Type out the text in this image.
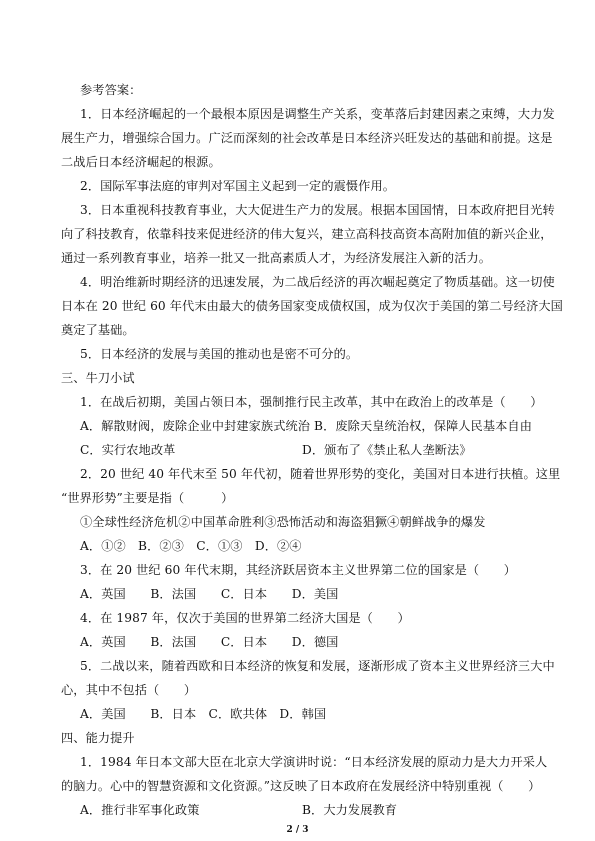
参考答案：
1．日本经济崛起的一个最根本原因是调整生产关系，变革落后封建因素之束缚，大力发
展生产力，增强综合国力。广泛而深刻的社会改革是日本经济兴旺发达的基础和前提。这是
二战后日本经济崛起的根源。
2．国际军事法庭的审判对军国主义起到一定的震慑作用。
3．日本重视科技教育事业，大大促进生产力的发展。根据本国国情，日本政府把目光转
向了科技教育，依靠科技来促进经济的伟大复兴，建立高科技高资本高附加值的新兴企业，
通过一系列教育事业，培养一批又一批高素质人才，为经济发展注入新的活力。
4．明治维新时期经济的迅速发展，为二战后经济的再次崛起奠定了物质基础。这一切使
日本在 20 世纪 60 年代末由最大的债务国家变成债权国，成为仅次于美国的第二号经济大国
奠定了基础。
5．日本经济的发展与美国的推动也是密不可分的。
三、牛刀小试
1．在战后初期，美国占领日本，强制推行民主改革，其中在政治上的改革是（　　）
A．解散财阀，废除企业中封建家族式统治 B．废除天皇统治权，保障人民基本自由
C．实行农地改革	D．颁布了《禁止私人垄断法》
2．20 世纪 40 年代末至 50 年代初，随着世界形势的变化，美国对日本进行扶植。这里
“世界形势”主要是指（　　　）
①全球性经济危机②中国革命胜利③恐怖活动和海盗猖獗④朝鲜战争的爆发
A．①②　B．②③　C．①③　D．②④
3．在 20 世纪 60 年代末期，其经济跃居资本主义世界第二位的国家是（　　）
A．英国　　B．法国　　C．日本　　D．美国
4．在 1987 年，仅次于美国的世界第二经济大国是（　　）
A．英国　　B．法国　　C．日本　　D．德国
5．二战以来，随着西欧和日本经济的恢复和发展，逐渐形成了资本主义世界经济三大中
心，其中不包括（　　）
A．美国　　B．日本　C．欧共体　D．韩国
四、能力提升
1．1984 年日本文部大臣在北京大学演讲时说：“日本经济发展的原动力是大力开采人
的脑力。心中的智慧资源和文化资源。”这反映了日本政府在发展经济中特别重视（　　）
A．推行非军事化政策	B．大力发展教育
2 / 3
